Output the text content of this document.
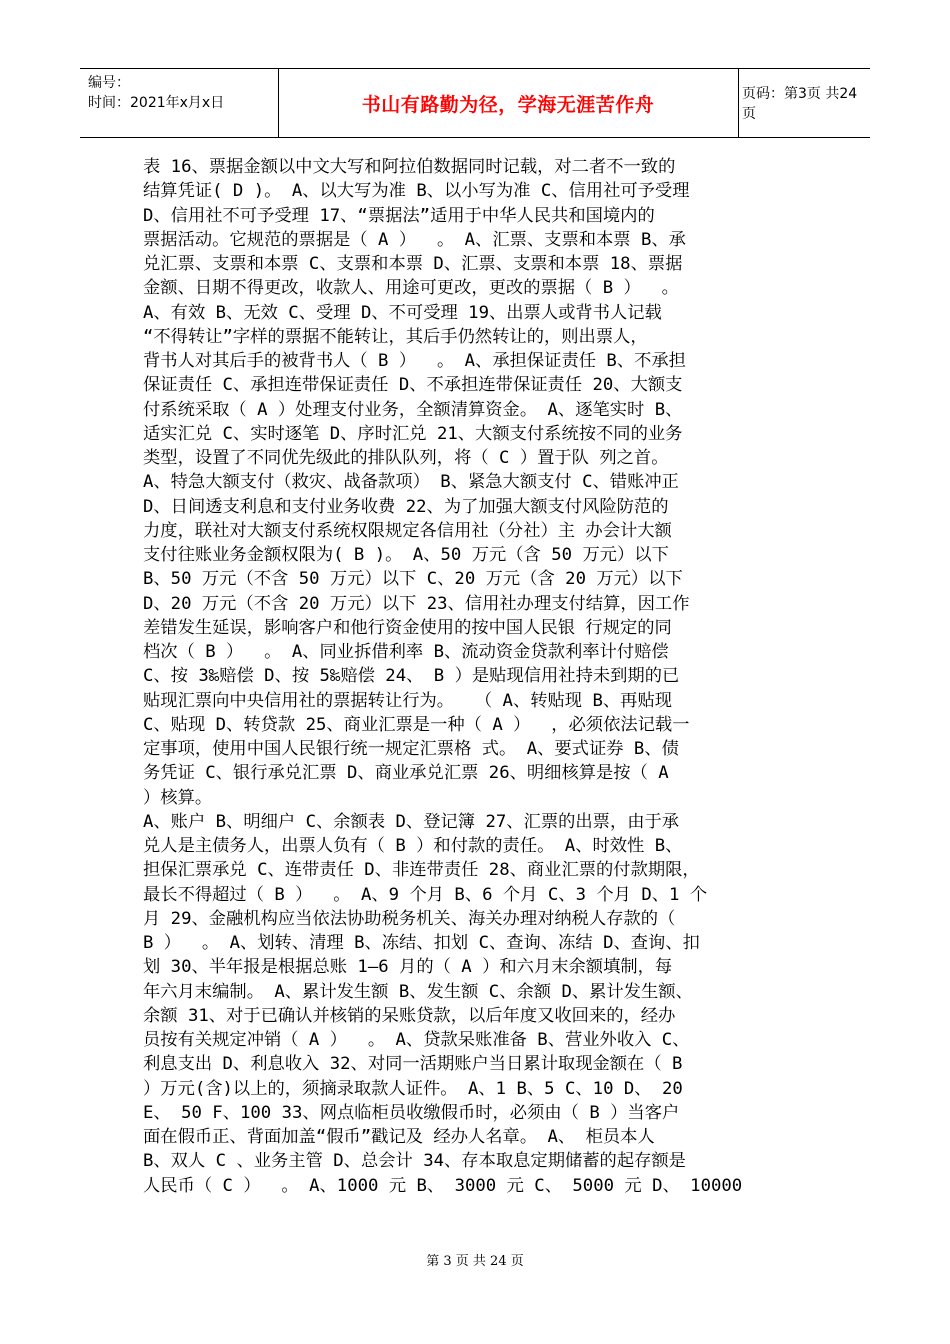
编号：
时间：2021年x月x日	书山有路勤为径，学海无涯苦作舟	页码：第3页 共24页

表 16、票据金额以中文大写和阿拉伯数据同时记载，对二者不一致的

结算凭证( D )。 A、以大写为准 B、以小写为准 C、信用社可予受理

D、信用社不可予受理 17、“票据法”适用于中华人民共和国境内的

票据活动。它规范的票据是（ A ）  。 A、汇票、支票和本票 B、承

兑汇票、支票和本票 C、支票和本票 D、汇票、支票和本票 18、票据

金额、日期不得更改，收款人、用途可更改，更改的票据（ B ）  。

A、有效 B、无效 C、受理 D、不可受理 19、出票人或背书人记载

“不得转让”字样的票据不能转让，其后手仍然转让的，则出票人，

背书人对其后手的被背书人（ B ）  。 A、承担保证责任 B、不承担

保证责任 C、承担连带保证责任 D、不承担连带保证责任 20、大额支

付系统采取（ A ）处理支付业务，全额清算资金。 A、逐笔实时 B、

适实汇兑 C、实时逐笔 D、序时汇兑 21、大额支付系统按不同的业务

类型，设置了不同优先级此的排队队列，将（ C ）置于队 列之首。

A、特急大额支付（救灾、战备款项） B、紧急大额支付 C、错账冲正

D、日间透支利息和支付业务收费 22、为了加强大额支付风险防范的

力度，联社对大额支付系统权限规定各信用社（分社）主 办会计大额

支付往账业务金额权限为( B )。 A、50 万元（含 50 万元）以下

B、50 万元（不含 50 万元）以下 C、20 万元（含 20 万元）以下

D、20 万元（不含 20 万元）以下 23、信用社办理支付结算，因工作

差错发生延误，影响客户和他行资金使用的按中国人民银 行规定的同

档次（ B ）  。 A、同业拆借利率 B、流动资金贷款利率计付赔偿

C、按 3‰赔偿 D、按 5‰赔偿 24、 B ）是贴现信用社持未到期的已

贴现汇票向中央信用社的票据转让行为。  （ A、转贴现 B、再贴现

C、贴现 D、转贷款 25、商业汇票是一种（ A ）  ，必须依法记载一

定事项，使用中国人民银行统一规定汇票格 式。 A、要式证券 B、债

务凭证 C、银行承兑汇票 D、商业承兑汇票 26、明细核算是按（ A

）核算。

A、账户 B、明细户 C、余额表 D、登记簿 27、汇票的出票，由于承

兑人是主债务人，出票人负有（ B ）和付款的责任。 A、时效性 B、

担保汇票承兑 C、连带责任 D、非连带责任 28、商业汇票的付款期限，

最长不得超过（ B ）  。 A、9 个月 B、6 个月 C、3 个月 D、1 个

月 29、金融机构应当依法协助税务机关、海关办理对纳税人存款的（

B ）  。 A、划转、清理 B、冻结、扣划 C、查询、冻结 D、查询、扣

划 30、半年报是根据总账 1—6 月的（ A ）和六月末余额填制，每

年六月末编制。 A、累计发生额 B、发生额 C、余额 D、累计发生额、

余额 31、对于已确认并核销的呆账贷款，以后年度又收回来的，经办

员按有关规定冲销（ A ）  。 A、贷款呆账准备 B、营业外收入 C、

利息支出 D、利息收入 32、对同一活期账户当日累计取现金额在（ B

）万元(含)以上的，须摘录取款人证件。 A、1 B、5 C、10 D、 20

E、 50 F、100 33、网点临柜员收缴假币时，必须由（ B ）当客户

面在假币正、背面加盖“假币”戳记及 经办人名章。 A、 柜员本人

B、双人 C 、业务主管 D、总会计 34、存本取息定期储蓄的起存额是

人民币（ C ）  。 A、1000 元 B、 3000 元 C、 5000 元 D、 10000

第 3 页 共 24 页
